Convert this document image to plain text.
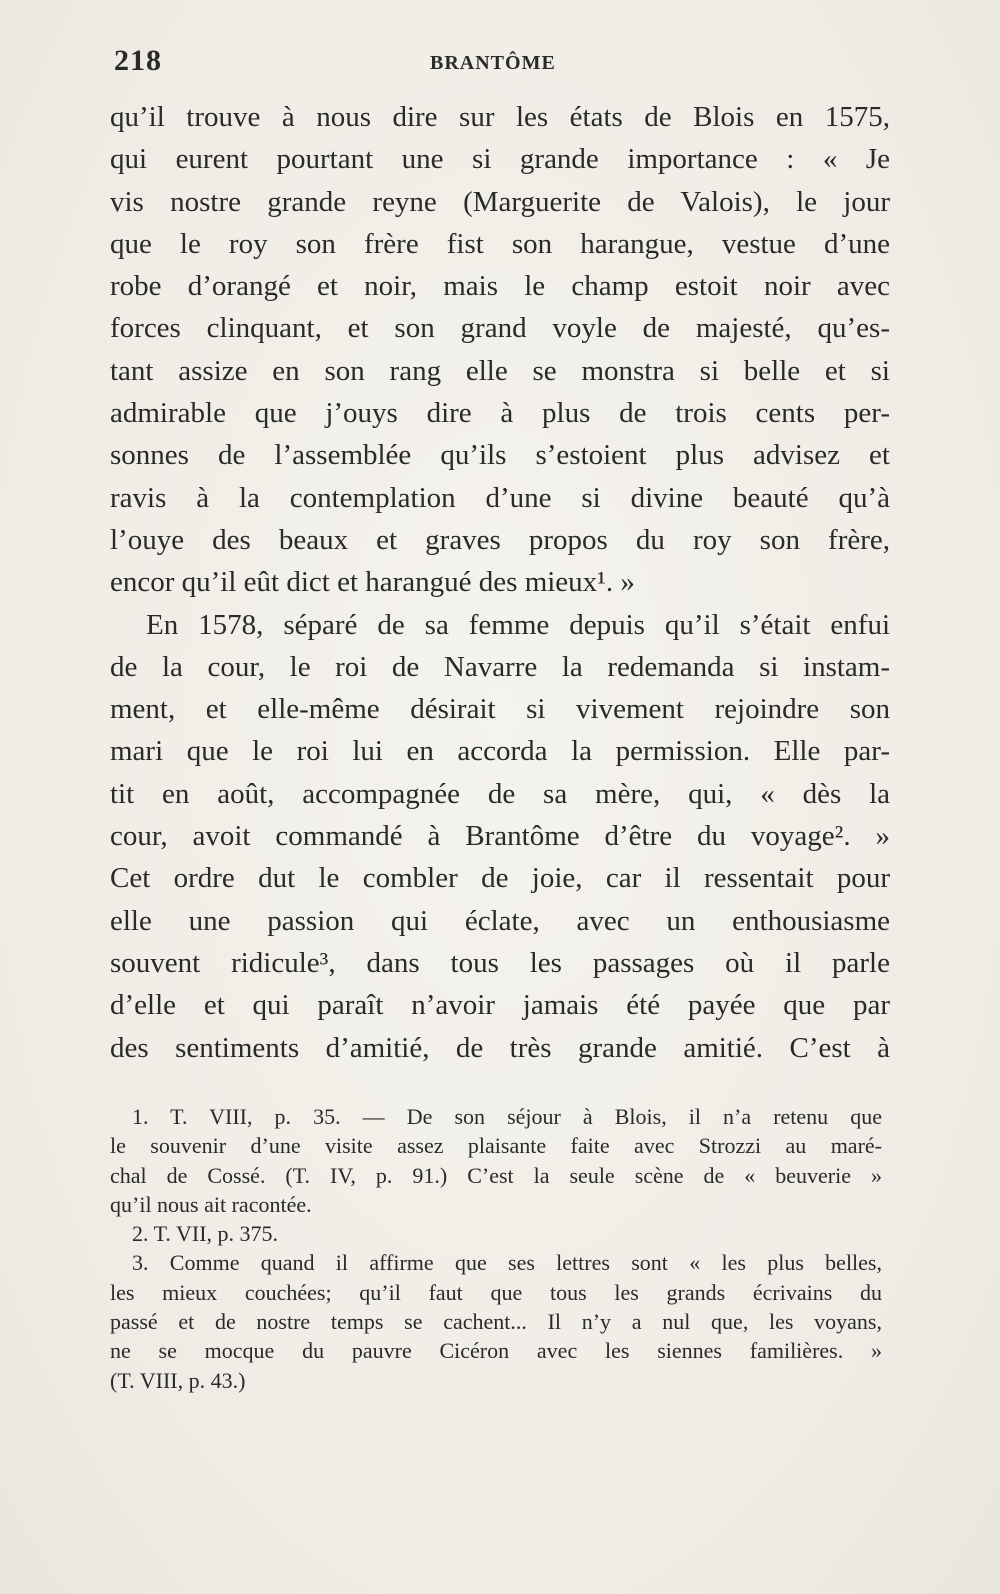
218	BRANTÔME
qu’il trouve à nous dire sur les états de Blois en 1575,
qui eurent pourtant une si grande importance : « Je
vis nostre grande reyne (Marguerite de Valois), le jour
que le roy son frère fist son harangue, vestue d’une
robe d’orangé et noir, mais le champ estoit noir avec
forces clinquant, et son grand voyle de majesté, qu’es-
tant assize en son rang elle se monstra si belle et si
admirable que j’ouys dire à plus de trois cents per-
sonnes de l’assemblée qu’ils s’estoient plus advisez et
ravis à la contemplation d’une si divine beauté qu’à
l’ouye des beaux et graves propos du roy son frère,
encor qu’il eût dict et harangué des mieux¹. »
En 1578, séparé de sa femme depuis qu’il s’était enfui
de la cour, le roi de Navarre la redemanda si instam-
ment, et elle-même désirait si vivement rejoindre son
mari que le roi lui en accorda la permission. Elle par-
tit en août, accompagnée de sa mère, qui, « dès la
cour, avoit commandé à Brantôme d’être du voyage². »
Cet ordre dut le combler de joie, car il ressentait pour
elle une passion qui éclate, avec un enthousiasme
souvent ridicule³, dans tous les passages où il parle
d’elle et qui paraît n’avoir jamais été payée que par
des sentiments d’amitié, de très grande amitié. C’est à
1. T. VIII, p. 35. — De son séjour à Blois, il n’a retenu que
le souvenir d’une visite assez plaisante faite avec Strozzi au maré-
chal de Cossé. (T. IV, p. 91.) C’est la seule scène de « beuverie »
qu’il nous ait racontée.
2. T. VII, p. 375.
3. Comme quand il affirme que ses lettres sont « les plus belles,
les mieux couchées; qu’il faut que tous les grands écrivains du
passé et de nostre temps se cachent... Il n’y a nul que, les voyans,
ne se mocque du pauvre Cicéron avec les siennes familières. »
(T. VIII, p. 43.)
